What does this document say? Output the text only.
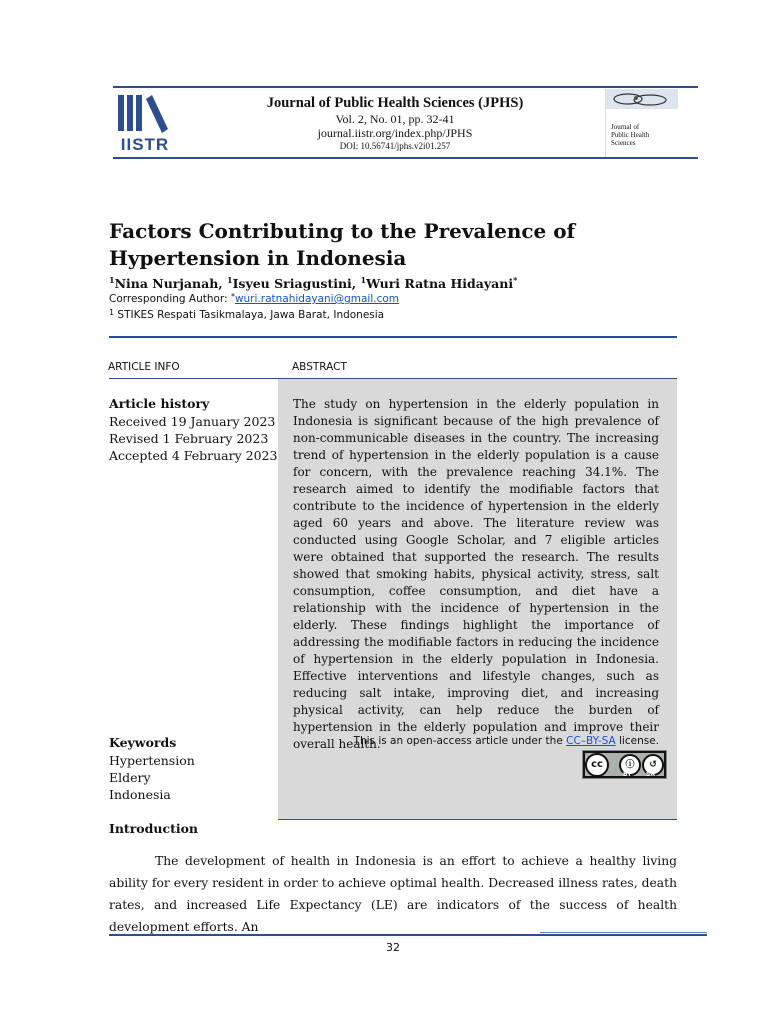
IISTR
Journal of Public Health Sciences (JPHS)
Vol. 2, No. 01, pp. 32-41
journal.iistr.org/index.php/JPHS
DOI: 10.56741/jphs.v2i01.257
Journal of
Public Health
Sciences
Factors Contributing to the Prevalence of
Hypertension in Indonesia
$^1$Nina Nurjanah, $^1$Isyeu Sriagustini, $^1$Wuri Ratna Hidayani*
Corresponding Author: *wuri.ratnahidayani@gmail.com
$^1$ STIKES Respati Tasikmalaya, Jawa Barat, Indonesia
ARTICLE INFO	ABSTRACT
The study on hypertension in the elderly population in Indonesia is significant because of the high prevalence of non-communicable diseases in the country. The increasing trend of hypertension in the elderly population is a cause for concern, with the prevalence reaching 34.1%. The research aimed to identify the modifiable factors that contribute to the incidence of hypertension in the elderly aged 60 years and above. The literature review was conducted using Google Scholar, and 7 eligible articles were obtained that supported the research. The results showed that smoking habits, physical activity, stress, salt consumption, coffee consumption, and diet have a relationship with the incidence of hypertension in the elderly. These findings highlight the importance of addressing the modifiable factors in reducing the incidence of hypertension in the elderly population in Indonesia. Effective interventions and lifestyle changes, such as reducing salt intake, improving diet, and increasing physical activity, can help reduce the burden of hypertension in the elderly population and improve their overall health.
This is an open-access article under the CC–BY-SA license.
cc	ⓘ	↺
BY SA
Article history
Received 19 January 2023
Revised 1 February 2023
Accepted 4 February 2023
Keywords
Hypertension
Eldery
Indonesia
Introduction
The development of health in Indonesia is an effort to achieve a healthy living ability for every resident in order to achieve optimal health. Decreased illness rates, death rates, and increased Life Expectancy (LE) are indicators of the success of health development efforts. An
32
